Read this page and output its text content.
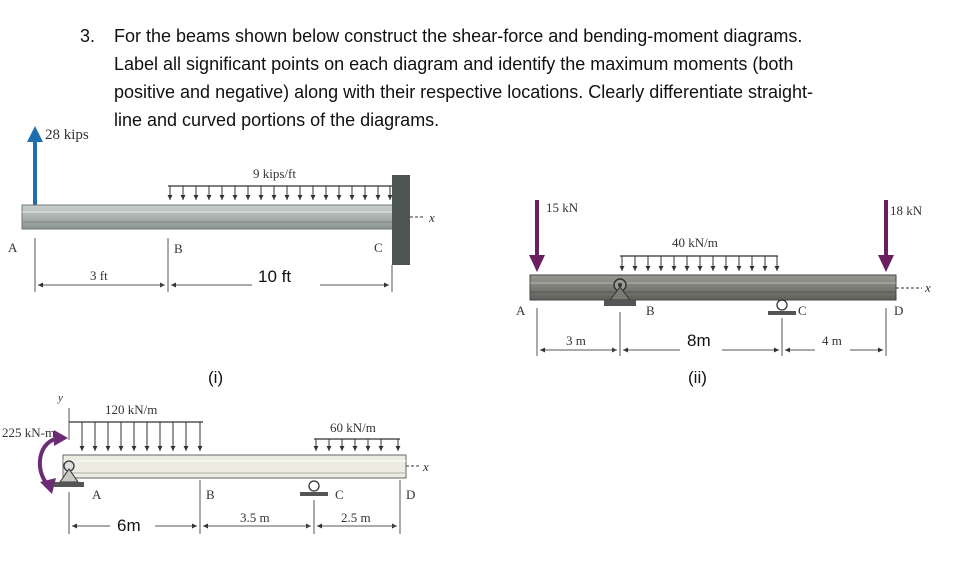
3. For the beams shown below construct the shear-force and bending-moment diagrams.
Label all significant points on each diagram and identify the maximum moments (both
positive and negative) along with their respective locations. Clearly differentiate straight-
line and curved portions of the diagrams.
28 kips
9 kips/ft
x
A	B	C
3 ft	10 ft
(i)
15 kN	18 kN
40 kN/m
x
A	B	C	D
3 m	8m	4 m
(ii)
y
120 kN/m
225 kN-m	60 kN/m
x
A	B	C	D
6m	3.5 m	2.5 m
